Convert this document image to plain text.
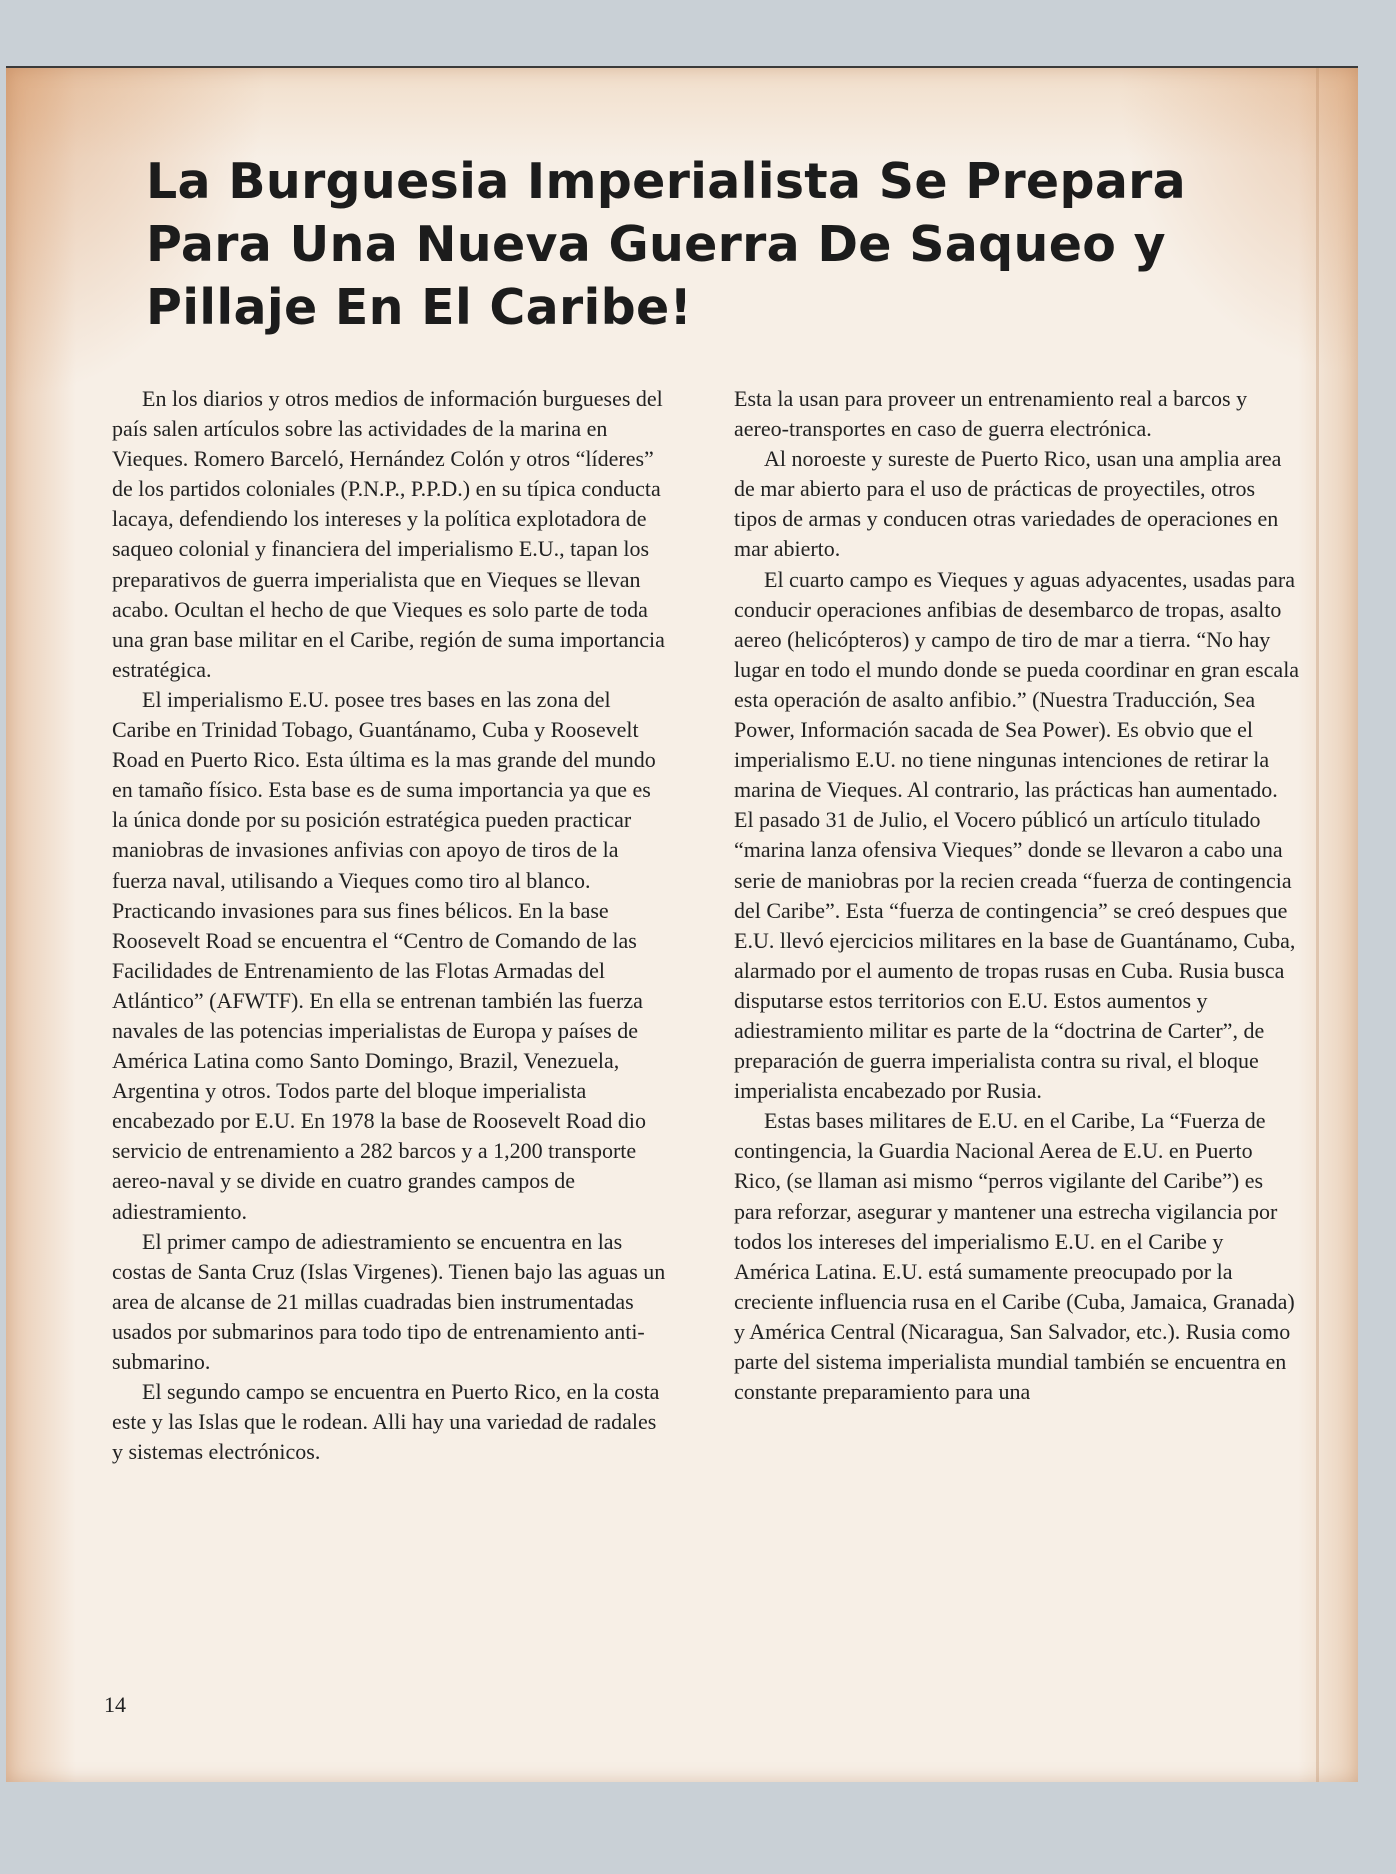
La Burguesia Imperialista Se Prepara Para Una Nueva Guerra De Saqueo y Pillaje En El Caribe!

En los diarios y otros medios de información burgueses del país salen artículos sobre las actividades de la marina en Vieques. Romero Barceló, Hernández Colón y otros “líderes” de los partidos coloniales (P.N.P., P.P.D.) en su típica conducta lacaya, defendiendo los intereses y la política explotadora de saqueo colonial y financiera del imperialismo E.U., tapan los preparativos de guerra imperialista que en Vieques se llevan acabo. Ocultan el hecho de que Vieques es solo parte de toda una gran base militar en el Caribe, región de suma importancia estratégica.

El imperialismo E.U. posee tres bases en las zona del Caribe en Trinidad Tobago, Guantánamo, Cuba y Roosevelt Road en Puerto Rico. Esta última es la mas grande del mundo en tamaño físico. Esta base es de suma importancia ya que es la única donde por su posición estratégica pueden practicar maniobras de invasiones anfivias con apoyo de tiros de la fuerza naval, utilisando a Vieques como tiro al blanco. Practicando invasiones para sus fines bélicos. En la base Roosevelt Road se encuentra el “Centro de Comando de las Facilidades de Entrenamiento de las Flotas Armadas del Atlántico” (AFWTF). En ella se entrenan también las fuerza navales de las potencias imperialistas de Europa y países de América Latina como Santo Domingo, Brazil, Venezuela, Argentina y otros. Todos parte del bloque imperialista encabezado por E.U. En 1978 la base de Roosevelt Road dio servicio de entrenamiento a 282 barcos y a 1,200 transporte aereo-naval y se divide en cuatro grandes campos de adiestramiento.

El primer campo de adiestramiento se encuentra en las costas de Santa Cruz (Islas Virgenes). Tienen bajo las aguas un area de alcanse de 21 millas cuadradas bien instrumentadas usados por submarinos para todo tipo de entrenamiento anti-submarino.

El segundo campo se encuentra en Puerto Rico, en la costa este y las Islas que le rodean. Alli hay una variedad de radales y sistemas electrónicos.

Esta la usan para proveer un entrenamiento real a barcos y aereo-transportes en caso de guerra electrónica.

Al noroeste y sureste de Puerto Rico, usan una amplia area de mar abierto para el uso de prácticas de proyectiles, otros tipos de armas y conducen otras variedades de operaciones en mar abierto.

El cuarto campo es Vieques y aguas adyacentes, usadas para conducir operaciones anfibias de desembarco de tropas, asalto aereo (helicópteros) y campo de tiro de mar a tierra. “No hay lugar en todo el mundo donde se pueda coordinar en gran escala esta operación de asalto anfibio.” (Nuestra Traducción, Sea Power, Información sacada de Sea Power). Es obvio que el imperialismo E.U. no tiene ningunas intenciones de retirar la marina de Vieques. Al contrario, las prácticas han aumentado. El pasado 31 de Julio, el Vocero públicó un artículo titulado “marina lanza ofensiva Vieques” donde se llevaron a cabo una serie de maniobras por la recien creada “fuerza de contingencia del Caribe”. Esta “fuerza de contingencia” se creó despues que E.U. llevó ejercicios militares en la base de Guantánamo, Cuba, alarmado por el aumento de tropas rusas en Cuba. Rusia busca disputarse estos territorios con E.U. Estos aumentos y adiestramiento militar es parte de la “doctrina de Carter”, de preparación de guerra imperialista contra su rival, el bloque imperialista encabezado por Rusia.

Estas bases militares de E.U. en el Caribe, La “Fuerza de contingencia, la Guardia Nacional Aerea de E.U. en Puerto Rico, (se llaman asi mismo “perros vigilante del Caribe”) es para reforzar, asegurar y mantener una estrecha vigilancia por todos los intereses del imperialismo E.U. en el Caribe y América Latina. E.U. está sumamente preocupado por la creciente influencia rusa en el Caribe (Cuba, Jamaica, Granada) y América Central (Nicaragua, San Salvador, etc.). Rusia como parte del sistema imperialista mundial también se encuentra en constante preparamiento para una

14
